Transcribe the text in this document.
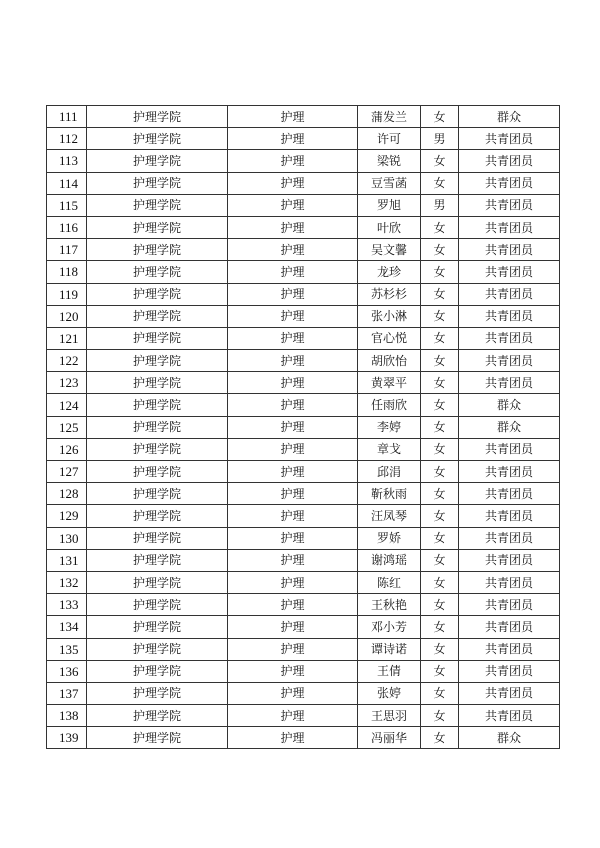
111	护理学院	护理	蒲发兰	女	群众
112	护理学院	护理	许可	男	共青团员
113	护理学院	护理	梁锐	女	共青团员
114	护理学院	护理	豆雪菡	女	共青团员
115	护理学院	护理	罗旭	男	共青团员
116	护理学院	护理	叶欣	女	共青团员
117	护理学院	护理	吴文馨	女	共青团员
118	护理学院	护理	龙珍	女	共青团员
119	护理学院	护理	苏杉杉	女	共青团员
120	护理学院	护理	张小淋	女	共青团员
121	护理学院	护理	官心悦	女	共青团员
122	护理学院	护理	胡欣怡	女	共青团员
123	护理学院	护理	黄翠平	女	共青团员
124	护理学院	护理	任雨欣	女	群众
125	护理学院	护理	李婷	女	群众
126	护理学院	护理	章戈	女	共青团员
127	护理学院	护理	邱涓	女	共青团员
128	护理学院	护理	靳秋雨	女	共青团员
129	护理学院	护理	汪凤琴	女	共青团员
130	护理学院	护理	罗娇	女	共青团员
131	护理学院	护理	谢鸿瑶	女	共青团员
132	护理学院	护理	陈红	女	共青团员
133	护理学院	护理	王秋艳	女	共青团员
134	护理学院	护理	邓小芳	女	共青团员
135	护理学院	护理	谭诗诺	女	共青团员
136	护理学院	护理	王倩	女	共青团员
137	护理学院	护理	张婷	女	共青团员
138	护理学院	护理	王思羽	女	共青团员
139	护理学院	护理	冯丽华	女	群众
